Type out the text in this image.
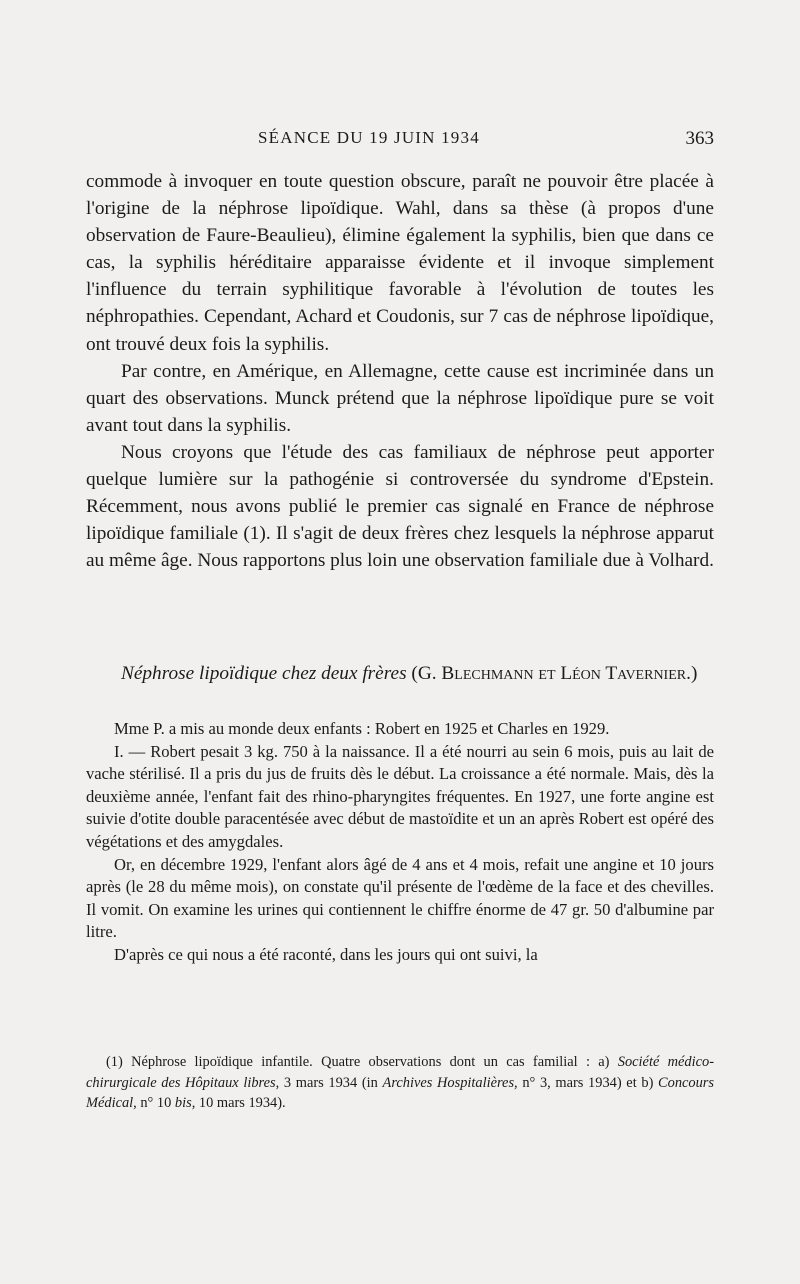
SÉANCE DU 19 JUIN 1934	363

commode à invoquer en toute question obscure, paraît ne pouvoir être placée à l'origine de la néphrose lipoïdique. Wahl, dans sa thèse (à propos d'une observation de Faure-Beaulieu), élimine également la syphilis, bien que dans ce cas, la syphilis héréditaire apparaisse évidente et il invoque simplement l'influence du terrain syphilitique favorable à l'évolution de toutes les néphropathies. Cependant, Achard et Coudonis, sur 7 cas de néphrose lipoïdique, ont trouvé deux fois la syphilis.

Par contre, en Amérique, en Allemagne, cette cause est incriminée dans un quart des observations. Munck prétend que la néphrose lipoïdique pure se voit avant tout dans la syphilis.

Nous croyons que l'étude des cas familiaux de néphrose peut apporter quelque lumière sur la pathogénie si controversée du syndrome d'Epstein. Récemment, nous avons publié le premier cas signalé en France de néphrose lipoïdique familiale (1). Il s'agit de deux frères chez lesquels la néphrose apparut au même âge. Nous rapportons plus loin une observation familiale due à Volhard.

Néphrose lipoïdique chez deux frères (G. Blechmann et Léon Tavernier.)

Mme P. a mis au monde deux enfants : Robert en 1925 et Charles en 1929.

I. — Robert pesait 3 kg. 750 à la naissance. Il a été nourri au sein 6 mois, puis au lait de vache stérilisé. Il a pris du jus de fruits dès le début. La croissance a été normale. Mais, dès la deuxième année, l'enfant fait des rhino-pharyngites fréquentes. En 1927, une forte angine est suivie d'otite double paracentésée avec début de mastoïdite et un an après Robert est opéré des végétations et des amygdales.

Or, en décembre 1929, l'enfant alors âgé de 4 ans et 4 mois, refait une angine et 10 jours après (le 28 du même mois), on constate qu'il présente de l'œdème de la face et des chevilles. Il vomit. On examine les urines qui contiennent le chiffre énorme de 47 gr. 50 d'albumine par litre.

D'après ce qui nous a été raconté, dans les jours qui ont suivi, la

(1) Néphrose lipoïdique infantile. Quatre observations dont un cas familial : a) Société médico-chirurgicale des Hôpitaux libres, 3 mars 1934 (in Archives Hospitalières, n° 3, mars 1934) et b) Concours Médical, n° 10 bis, 10 mars 1934).
